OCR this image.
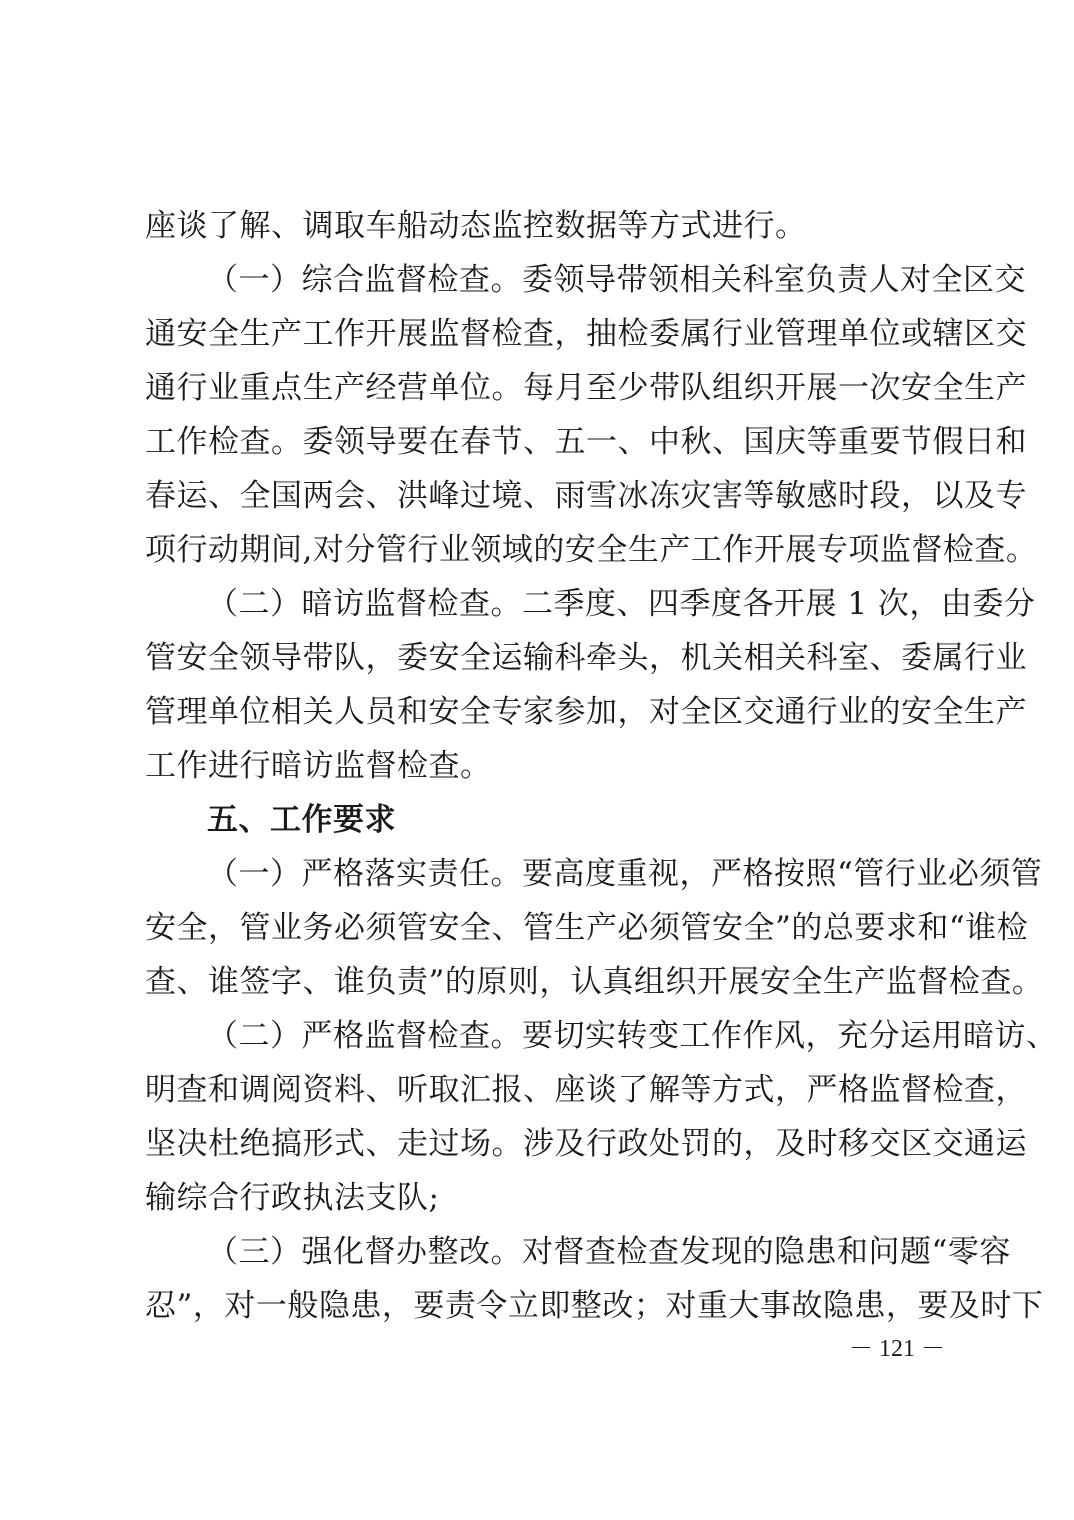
座谈了解、调取车船动态监控数据等方式进行。
（一）综合监督检查。委领导带领相关科室负责人对全区交
通安全生产工作开展监督检查，抽检委属行业管理单位或辖区交
通行业重点生产经营单位。每月至少带队组织开展一次安全生产
工作检查。委领导要在春节、五一、中秋、国庆等重要节假日和
春运、全国两会、洪峰过境、雨雪冰冻灾害等敏感时段，以及专
项行动期间,对分管行业领域的安全生产工作开展专项监督检查。
（二）暗访监督检查。二季度、四季度各开展 1 次，由委分
管安全领导带队，委安全运输科牵头，机关相关科室、委属行业
管理单位相关人员和安全专家参加，对全区交通行业的安全生产
工作进行暗访监督检查。
五、工作要求
（一）严格落实责任。要高度重视，严格按照“管行业必须管
安全，管业务必须管安全、管生产必须管安全”的总要求和“谁检
查、谁签字、谁负责”的原则，认真组织开展安全生产监督检查。
（二）严格监督检查。要切实转变工作作风，充分运用暗访、
明查和调阅资料、听取汇报、座谈了解等方式，严格监督检查，
坚决杜绝搞形式、走过场。涉及行政处罚的，及时移交区交通运
输综合行政执法支队;
（三）强化督办整改。对督查检查发现的隐患和问题“零容
忍”，对一般隐患，要责令立即整改；对重大事故隐患，要及时下
－ 121 －
